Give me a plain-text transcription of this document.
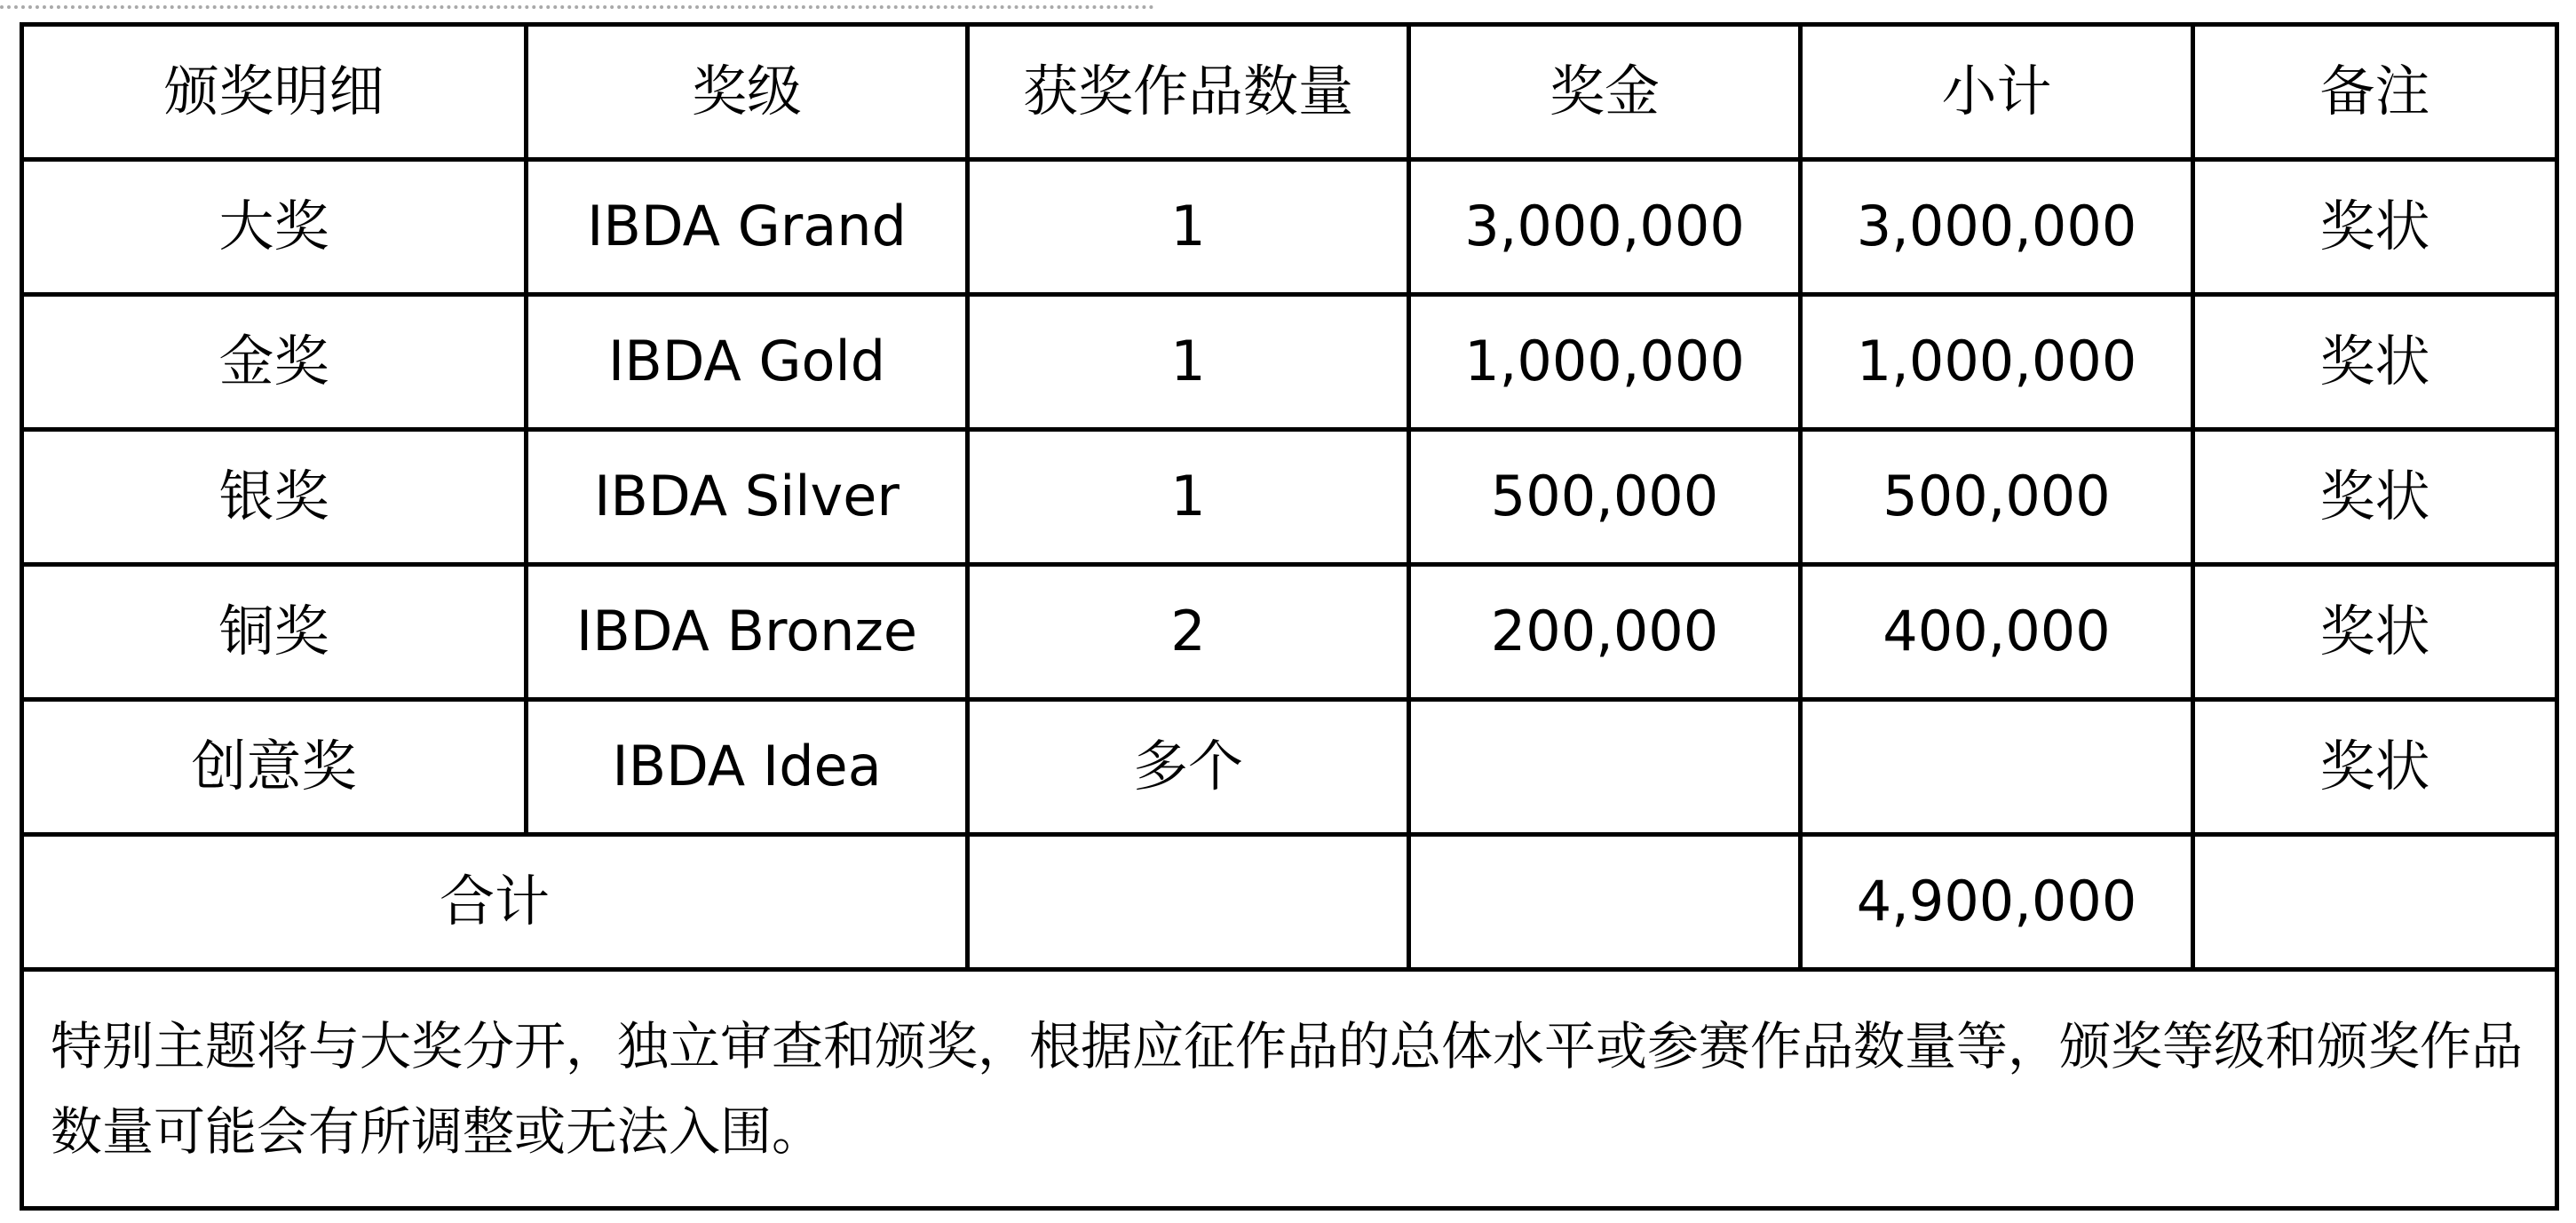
颁奖明细	奖级	获奖作品数量	奖金	小计	备注
大奖	IBDA Grand	1	3,000,000	3,000,000	奖状
金奖	IBDA Gold	1	1,000,000	1,000,000	奖状
银奖	IBDA Silver	1	500,000	500,000	奖状
铜奖	IBDA Bronze	2	200,000	400,000	奖状
创意奖	IBDA Idea	多个			奖状
合计				4,900,000	
特别主题将与大奖分开，独立审查和颁奖，根据应征作品的总体水平或参赛作品数量等，颁奖等级和颁奖作品数量可能会有所调整或无法入围。					
